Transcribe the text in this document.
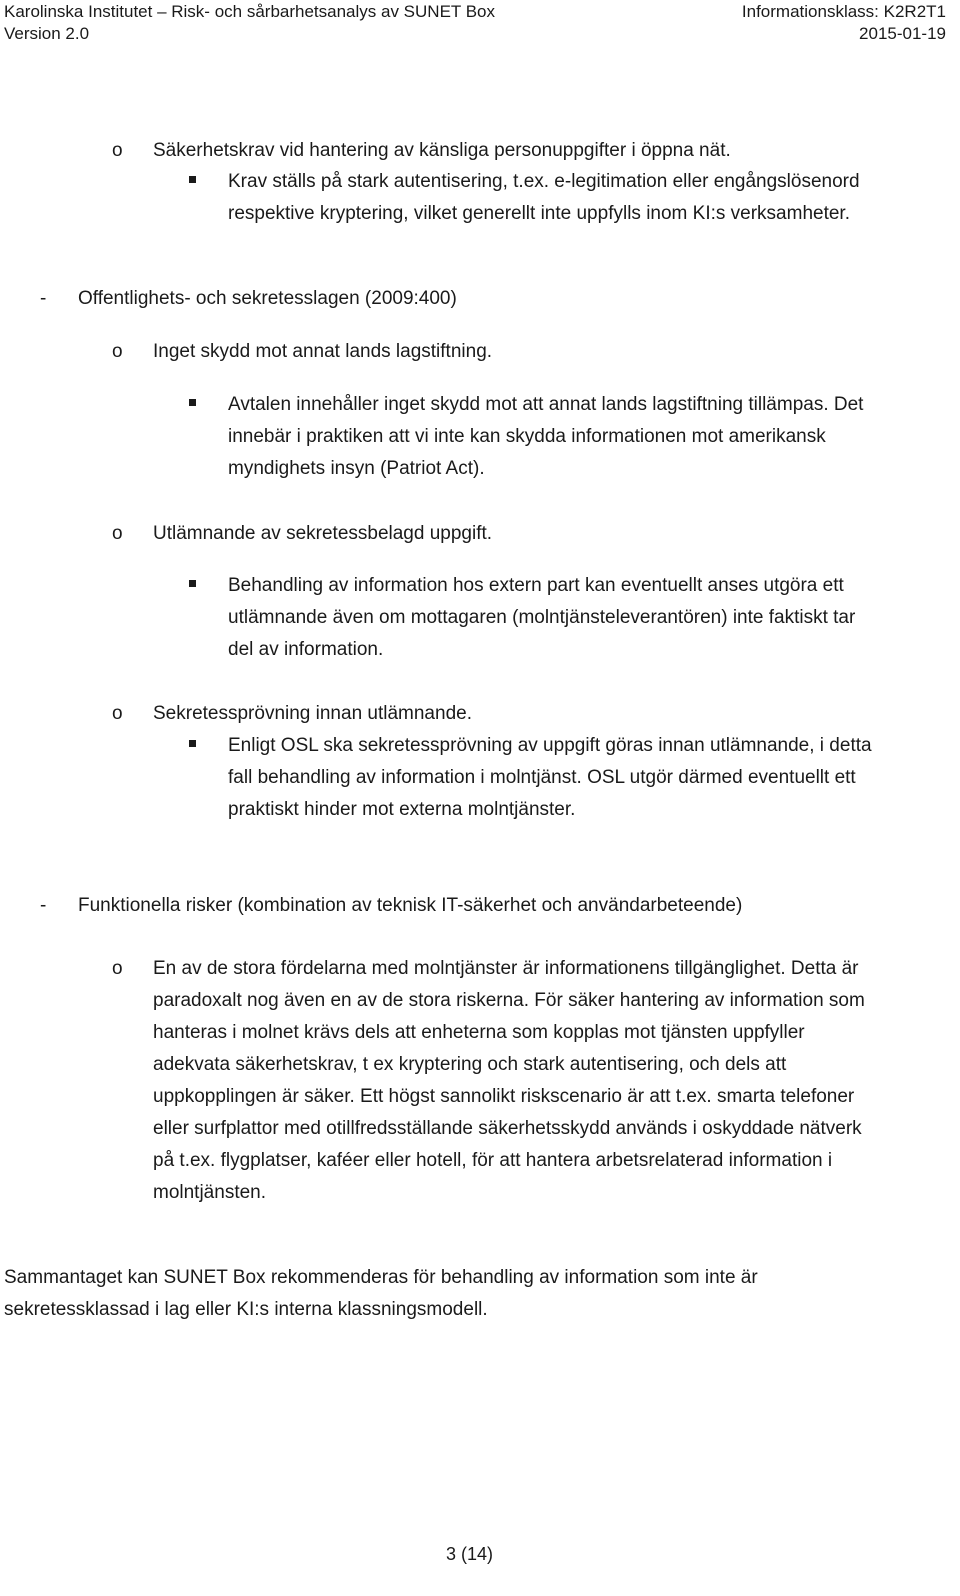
Karolinska Institutet – Risk- och sårbarhetsanalys av SUNET Box
Version 2.0
Informationsklass: K2R2T1
2015-01-19
o Säkerhetskrav vid hantering av känsliga personuppgifter i öppna nät.
Krav ställs på stark autentisering, t.ex. e-legitimation eller engångslösenord
respektive kryptering, vilket generellt inte uppfylls inom KI:s verksamheter.
- Offentlighets- och sekretesslagen (2009:400)
o Inget skydd mot annat lands lagstiftning.
Avtalen innehåller inget skydd mot att annat lands lagstiftning tillämpas. Det
innebär i praktiken att vi inte kan skydda informationen mot amerikansk
myndighets insyn (Patriot Act).
o Utlämnande av sekretessbelagd uppgift.
Behandling av information hos extern part kan eventuellt anses utgöra ett
utlämnande även om mottagaren (molntjänsteleverantören) inte faktiskt tar
del av information.
o Sekretessprövning innan utlämnande.
Enligt OSL ska sekretessprövning av uppgift göras innan utlämnande, i detta
fall behandling av information i molntjänst. OSL utgör därmed eventuellt ett
praktiskt hinder mot externa molntjänster.
- Funktionella risker (kombination av teknisk IT-säkerhet och användarbeteende)
o En av de stora fördelarna med molntjänster är informationens tillgänglighet. Detta är
paradoxalt nog även en av de stora riskerna. För säker hantering av information som
hanteras i molnet krävs dels att enheterna som kopplas mot tjänsten uppfyller
adekvata säkerhetskrav, t ex kryptering och stark autentisering, och dels att
uppkopplingen är säker. Ett högst sannolikt riskscenario är att t.ex. smarta telefoner
eller surfplattor med otillfredsställande säkerhetsskydd används i oskyddade nätverk
på t.ex. flygplatser, kaféer eller hotell, för att hantera arbetsrelaterad information i
molntjänsten.
Sammantaget kan SUNET Box rekommenderas för behandling av information som inte är
sekretessklassad i lag eller KI:s interna klassningsmodell.
3 (14)
